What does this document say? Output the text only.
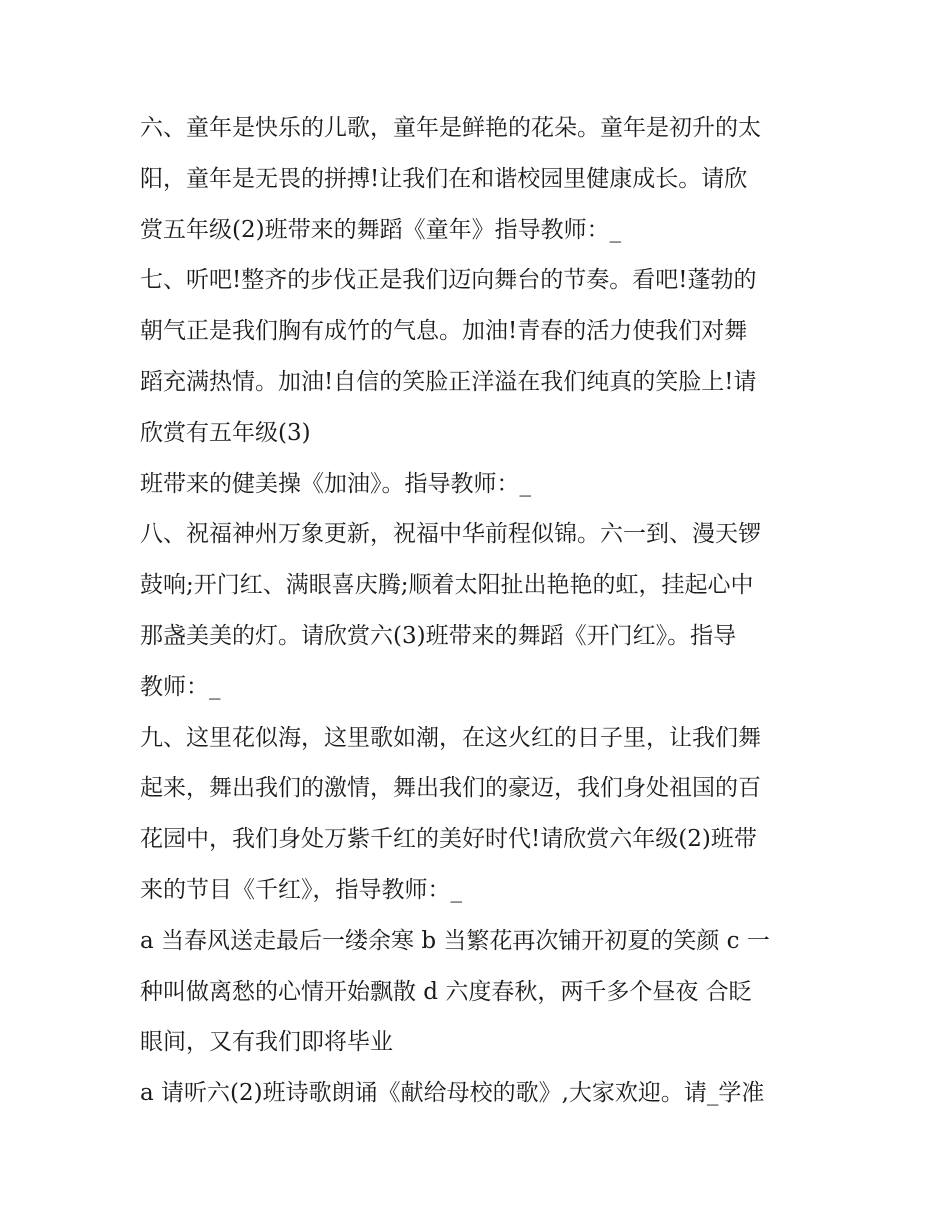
六、童年是快乐的儿歌，童年是鲜艳的花朵。童年是初升的太
阳，童年是无畏的拼搏!让我们在和谐校园里健康成长。请欣
赏五年级(2)班带来的舞蹈《童年》指导教师：_
七、听吧!整齐的步伐正是我们迈向舞台的节奏。看吧!蓬勃的
朝气正是我们胸有成竹的气息。加油!青春的活力使我们对舞
蹈充满热情。加油!自信的笑脸正洋溢在我们纯真的笑脸上!请
欣赏有五年级(3)
班带来的健美操《加油》。指导教师：_
八、祝福神州万象更新，祝福中华前程似锦。六一到、漫天锣
鼓响;开门红、满眼喜庆腾;顺着太阳扯出艳艳的虹，挂起心中
那盏美美的灯。请欣赏六(3)班带来的舞蹈《开门红》。指导
教师：_
九、这里花似海，这里歌如潮，在这火红的日子里，让我们舞
起来，舞出我们的激情，舞出我们的豪迈，我们身处祖国的百
花园中，我们身处万紫千红的美好时代!请欣赏六年级(2)班带
来的节目《千红》，指导教师：_
a 当春风送走最后一缕余寒 b 当繁花再次铺开初夏的笑颜 c 一
种叫做离愁的心情开始飘散 d 六度春秋，两千多个昼夜 合眨
眼间，又有我们即将毕业
a 请听六(2)班诗歌朗诵《献给母校的歌》,大家欢迎。请_学准
